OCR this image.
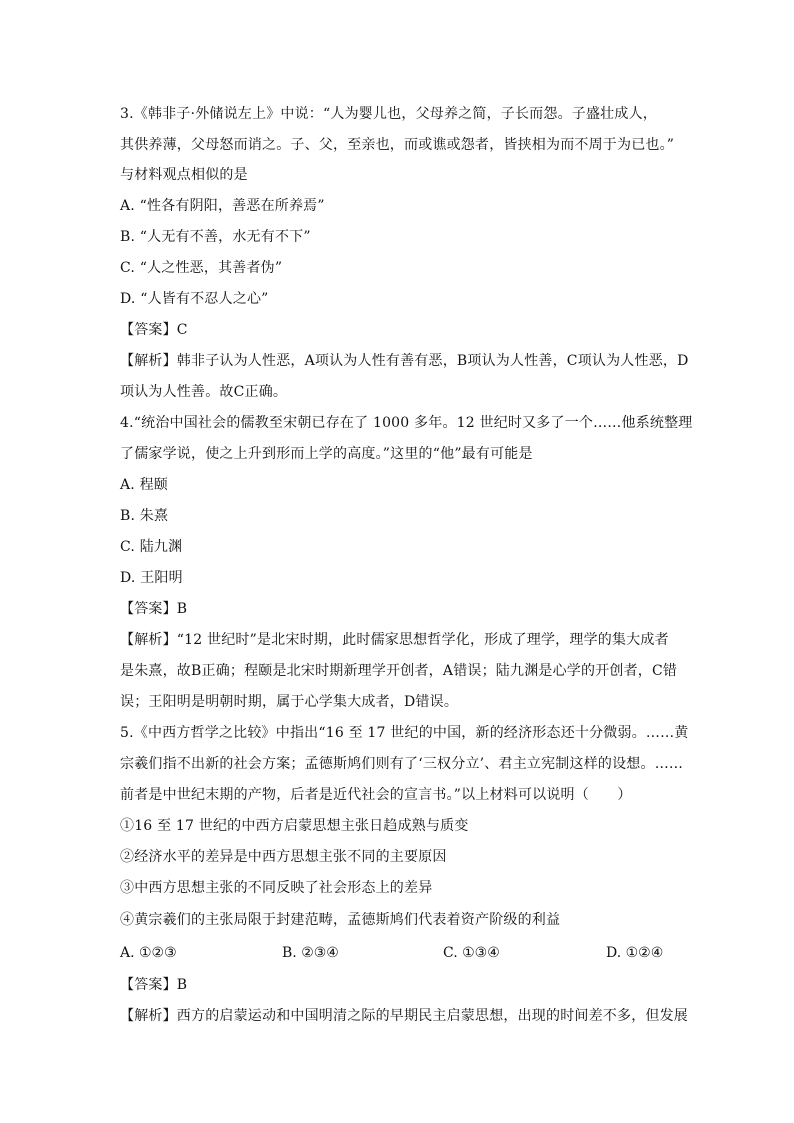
3.《韩非子·外储说左上》中说：“人为婴儿也，父母养之简，子长而怨。子盛壮成人，
其供养薄，父母怒而诮之。子、父，至亲也，而或谯或怨者，皆挟相为而不周于为已也。”
与材料观点相似的是
A. “性各有阴阳，善恶在所养焉”
B. “人无有不善，水无有不下”
C. “人之性恶，其善者伪”
D. “人皆有不忍人之心”
【答案】C
【解析】韩非子认为人性恶，A项认为人性有善有恶，B项认为人性善，C项认为人性恶，D
项认为人性善。故C正确。
4.“统治中国社会的儒教至宋朝已存在了 1000 多年。12 世纪时又多了一个……他系统整理
了儒家学说，使之上升到形而上学的高度。”这里的“他”最有可能是
A. 程颐
B. 朱熹
C. 陆九渊
D. 王阳明
【答案】B
【解析】“12 世纪时”是北宋时期，此时儒家思想哲学化，形成了理学，理学的集大成者
是朱熹，故B正确；程颐是北宋时期新理学开创者，A错误；陆九渊是心学的开创者，C错
误；王阳明是明朝时期，属于心学集大成者，D错误。
5.《中西方哲学之比较》中指出“16 至 17 世纪的中国，新的经济形态还十分微弱。……黄
宗羲们指不出新的社会方案；孟德斯鸠们则有了‘三权分立’、君主立宪制这样的设想。……
前者是中世纪末期的产物，后者是近代社会的宣言书。”以上材料可以说明（　　）
①16 至 17 世纪的中西方启蒙思想主张日趋成熟与质变
②经济水平的差异是中西方思想主张不同的主要原因
③中西方思想主张的不同反映了社会形态上的差异
④黄宗羲们的主张局限于封建范畴，孟德斯鸠们代表着资产阶级的利益
A. ①②③	B. ②③④	C. ①③④	D. ①②④
【答案】B
【解析】西方的启蒙运动和中国明清之际的早期民主启蒙思想，出现的时间差不多，但发展
